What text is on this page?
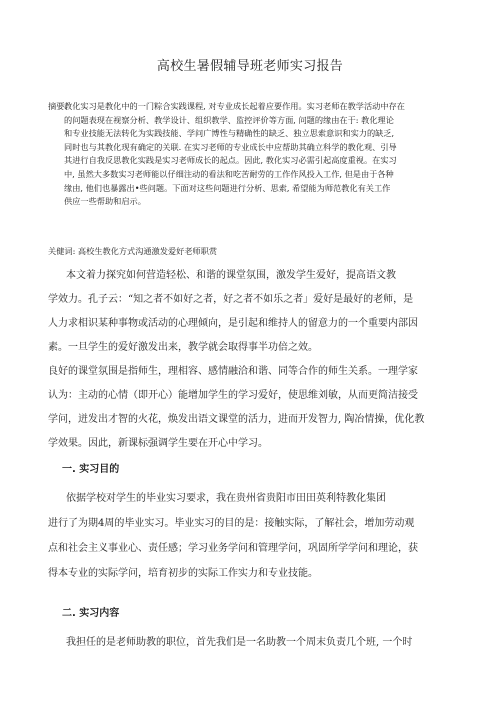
高校生暑假辅导班老师实习报告
摘要:
教化实习是教化中的一门粽合实践课程, 对专业成长起着应要作用。实习老师在教学活动中存在
的问题表现在视察分析、教学设计、组织教学、监控评价等方面, 问题的缘由在于: 教化理论
和专业技能无法转化为实践技能、学问广博性与精确性的缺乏、独立思索意识和实力的缺乏,
同时也与其教化现有确定的关联. 在实习老师的专业成长中应帮助其确立科学的教化观、引导
其进行自我反思教化实践是实习老师成长的起点。因此, 教化实习必需引起高度重视。在实习
中, 虽然大多数实习老师能以仔细注动的看法和吃苦耐劳的工作作风投入工作, 但是由于各种
缘由, 他们也暴露出•些问题。下面对这些问题进行分析、思索, 希望能为师范教化有关工作
供应一些帮助和启示。
关健词: 高校生教化方式沟通激发爱好老师职赏
本文着力探究如何营造轻松、和谐的课堂氛围，激发学生爱好，提高语文教
学效力。孔子云：“知之者不如好之者，好之者不如乐之者」爱好是最好的老师，是
人力求相识某种事物或活动的心理倾向，是引起和维持人的留意力的一个重要内部因
素。一旦学生的爱好激发出来，教学就会取得事半功倍之效。
良好的课堂氛围是指师生，理相容、感情融洽和谐、同等合作的师生关系。一理学家
认为：主动的心情（即开心）能增加学生的学习爱好，使思维刘敏，从而更简洁接受
学问，迸发出才智的火花，焕发出语文课堂的活力，进而开发智力, 陶冶情操，优化教
学效果。因此，新课标强调学生要在开心中学习。
一. 实习目的
依据学校对学生的毕业实习要求，我在贵州省贵阳市田田英利特教化集团
进行了为期4周的毕业实习。毕业实习的目的是：接触实际，了解社会，增加劳动观
点和社会主义事业心、责任感；学习业务学问和管理学问，巩固所学学问和理论，获
得本专业的实际学问，培育初步的实际工作实力和专业技能。
二. 实习内容
我担任的是老师助教的职位，首先我们是一名助教一个周末负责几个班, 一个时
